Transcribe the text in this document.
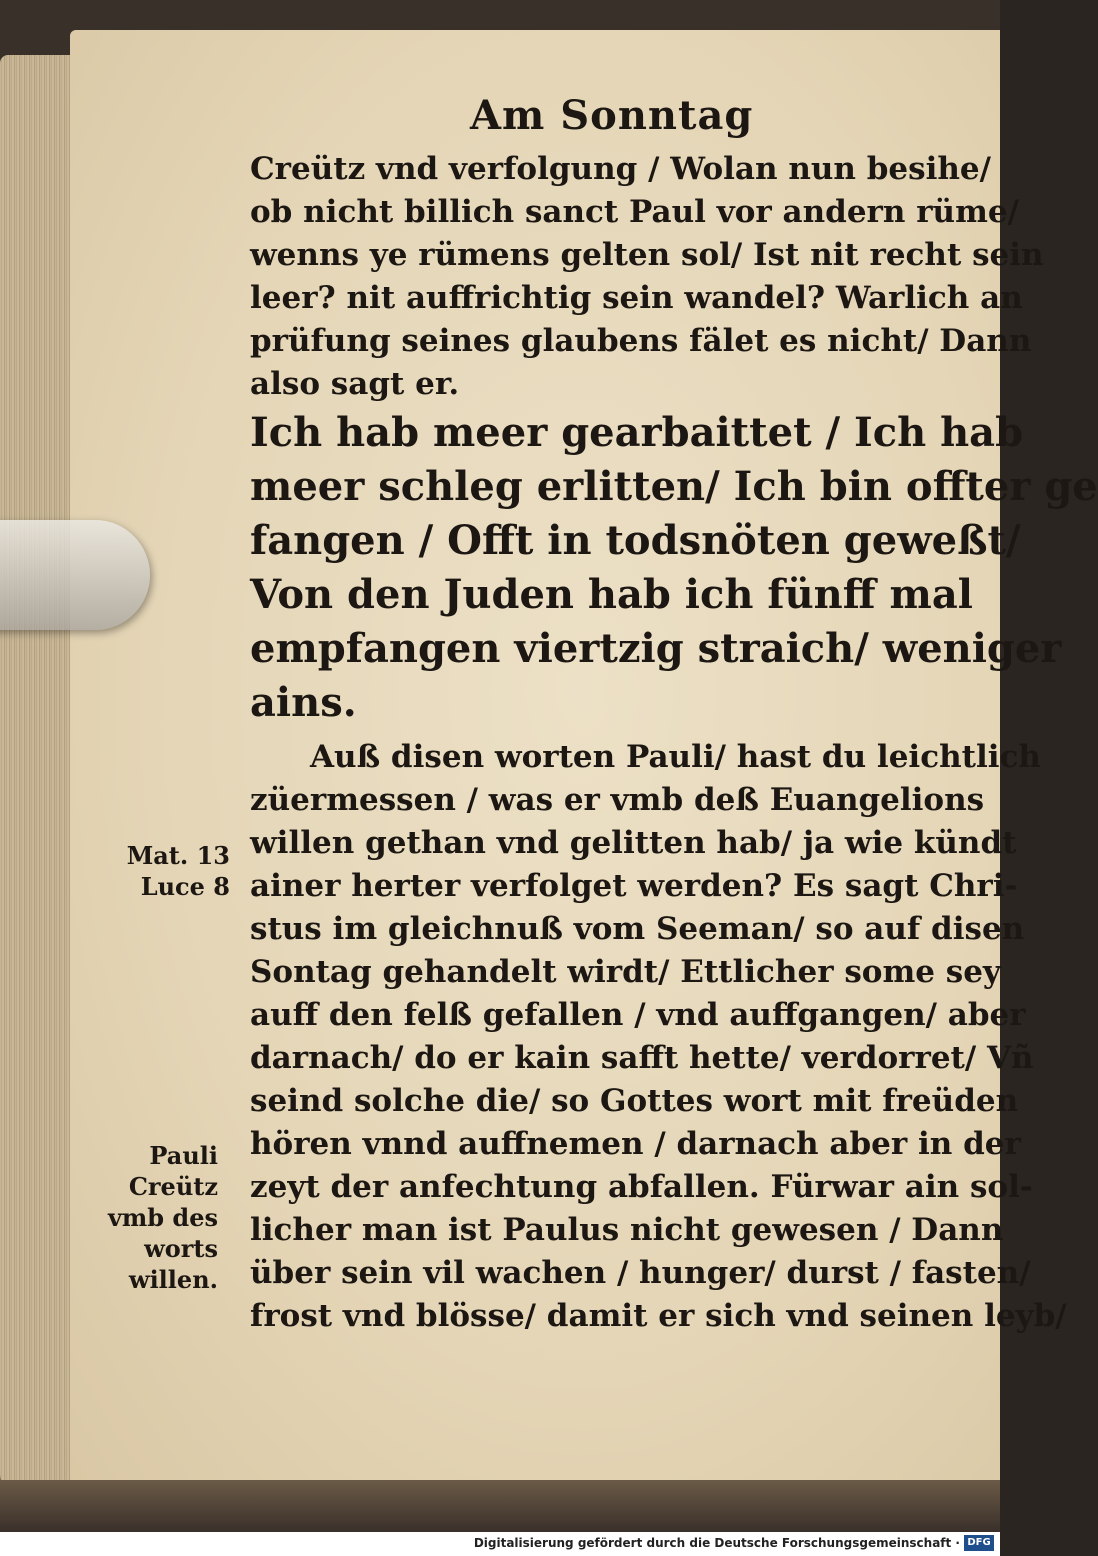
Am Sonntag
Creütz vnd verfolgung / Wolan nun besihe/
ob nicht billich sanct Paul vor andern rüme/
wenns ye rümens gelten sol/ Ist nit recht sein
leer? nit auffrichtig sein wandel? Warlich an
prüfung seines glaubens fälet es nicht/ Dann
also sagt er.
Ich hab meer gearbaittet / Ich hab
meer schleg erlitten/ Ich bin offter ge
fangen / Offt in todsnöten geweßt/
Von den Juden hab ich fünff mal
empfangen viertzig straich/ weniger
ains.
Auß disen worten Pauli/ hast du leichtlich
züermessen / was er vmb deß Euangelions
willen gethan vnd gelitten hab/ ja wie kündt
ainer herter verfolget werden? Es sagt Chri-
stus im gleichnuß vom Seeman/ so auf disen
Sontag gehandelt wirdt/ Ettlicher some sey
auff den felß gefallen / vnd auffgangen/ aber
darnach/ do er kain safft hette/ verdorret/ Vñ
seind solche die/ so Gottes wort mit freüden
hören vnnd auffnemen / darnach aber in der
zeyt der anfechtung abfallen. Fürwar ain sol-
licher man ist Paulus nicht gewesen / Dann
über sein vil wachen / hunger/ durst / fasten/
frost vnd blösse/ damit er sich vnd seinen leyb/
Mat. 13
Luce 8
Pauli
Creütz
vmb des
worts
willen.
Digitalisierung gefördert durch die Deutsche Forschungsgemeinschaft · DFG
